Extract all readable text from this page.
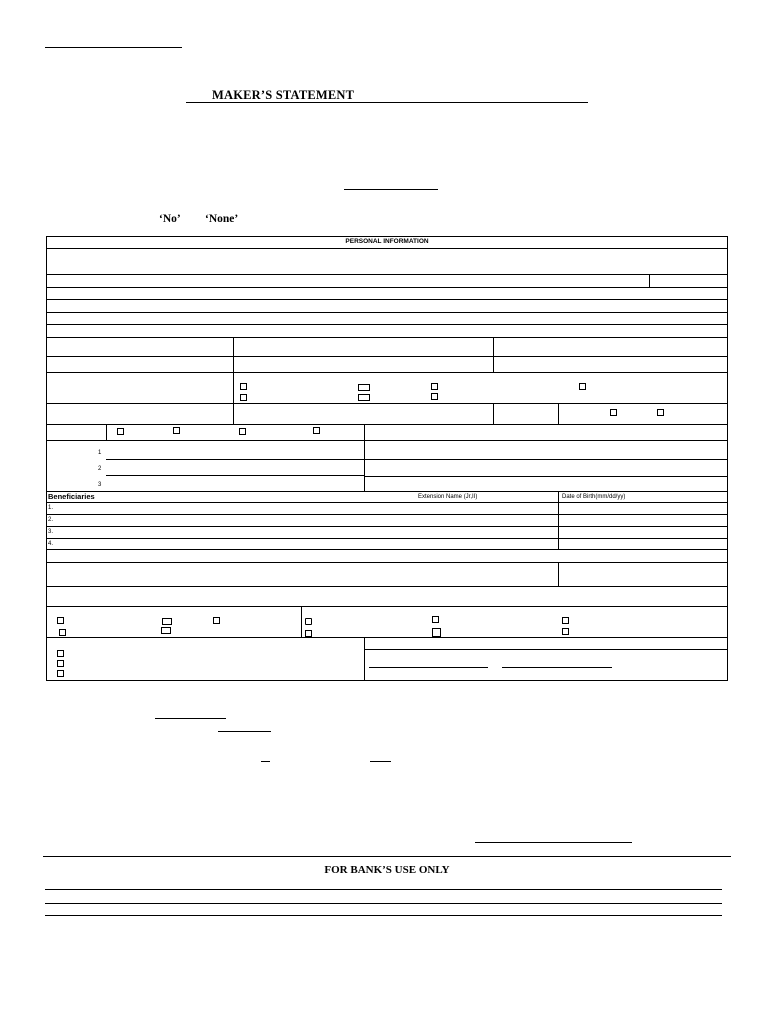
MAKER’S STATEMENT
‘No’ ‘None’
PERSONAL INFORMATION
1
2
3
Beneficiaries	Extension Name (Jr,II)	Date of Birth(mm/dd/yy)
1.
2.
3.
4.
FOR BANK’S USE ONLY
